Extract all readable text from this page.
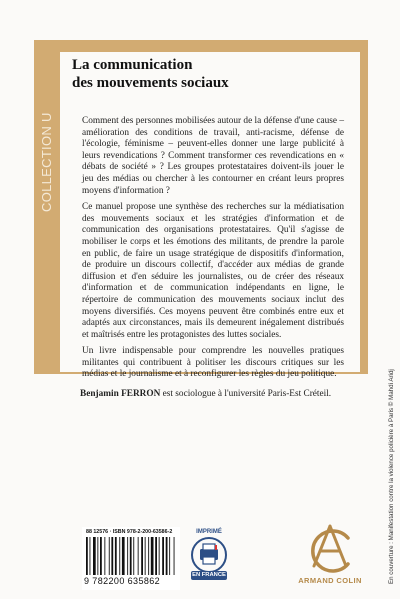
La communication
des mouvements sociaux

Comment des personnes mobilisées autour de la défense d'une cause – amélioration des conditions de travail, anti-racisme, défense de l'écologie, féminisme – peuvent-elles donner une large publicité à leurs revendications ? Comment transformer ces revendications en « débats de société » ? Les groupes protestataires doivent-ils jouer le jeu des médias ou chercher à les contourner en créant leurs propres moyens d'information ?

Ce manuel propose une synthèse des recherches sur la médiatisation des mouvements sociaux et les stratégies d'information et de communication des organisations protestataires. Qu'il s'agisse de mobiliser le corps et les émotions des militants, de prendre la parole en public, de faire un usage stratégique de dispositifs d'information, de produire un discours collectif, d'accéder aux médias de grande diffusion et d'en séduire les journalistes, ou de créer des réseaux d'information et de communication indépendants en ligne, le répertoire de communication des mouvements sociaux inclut des moyens diversifiés. Ces moyens peuvent être combinés entre eux et adaptés aux circonstances, mais ils demeurent inégalement distribués et maîtrisés entre les protagonistes des luttes sociales.

Un livre indispensable pour comprendre les nouvelles pratiques militantes qui contribuent à politiser les discours critiques sur les médias et le journalisme et à reconfigurer les règles du jeu politique.

Benjamin FERRON est sociologue à l'université Paris-Est Créteil.	En couverture : Manifestation contre la violence policière à Paris © Mahdi Aridj
88 12576 · ISBN 978-2-200-63586-2
9 782200 635862
IMPRIMÉ
EN FRANCE
ARMAND COLIN
